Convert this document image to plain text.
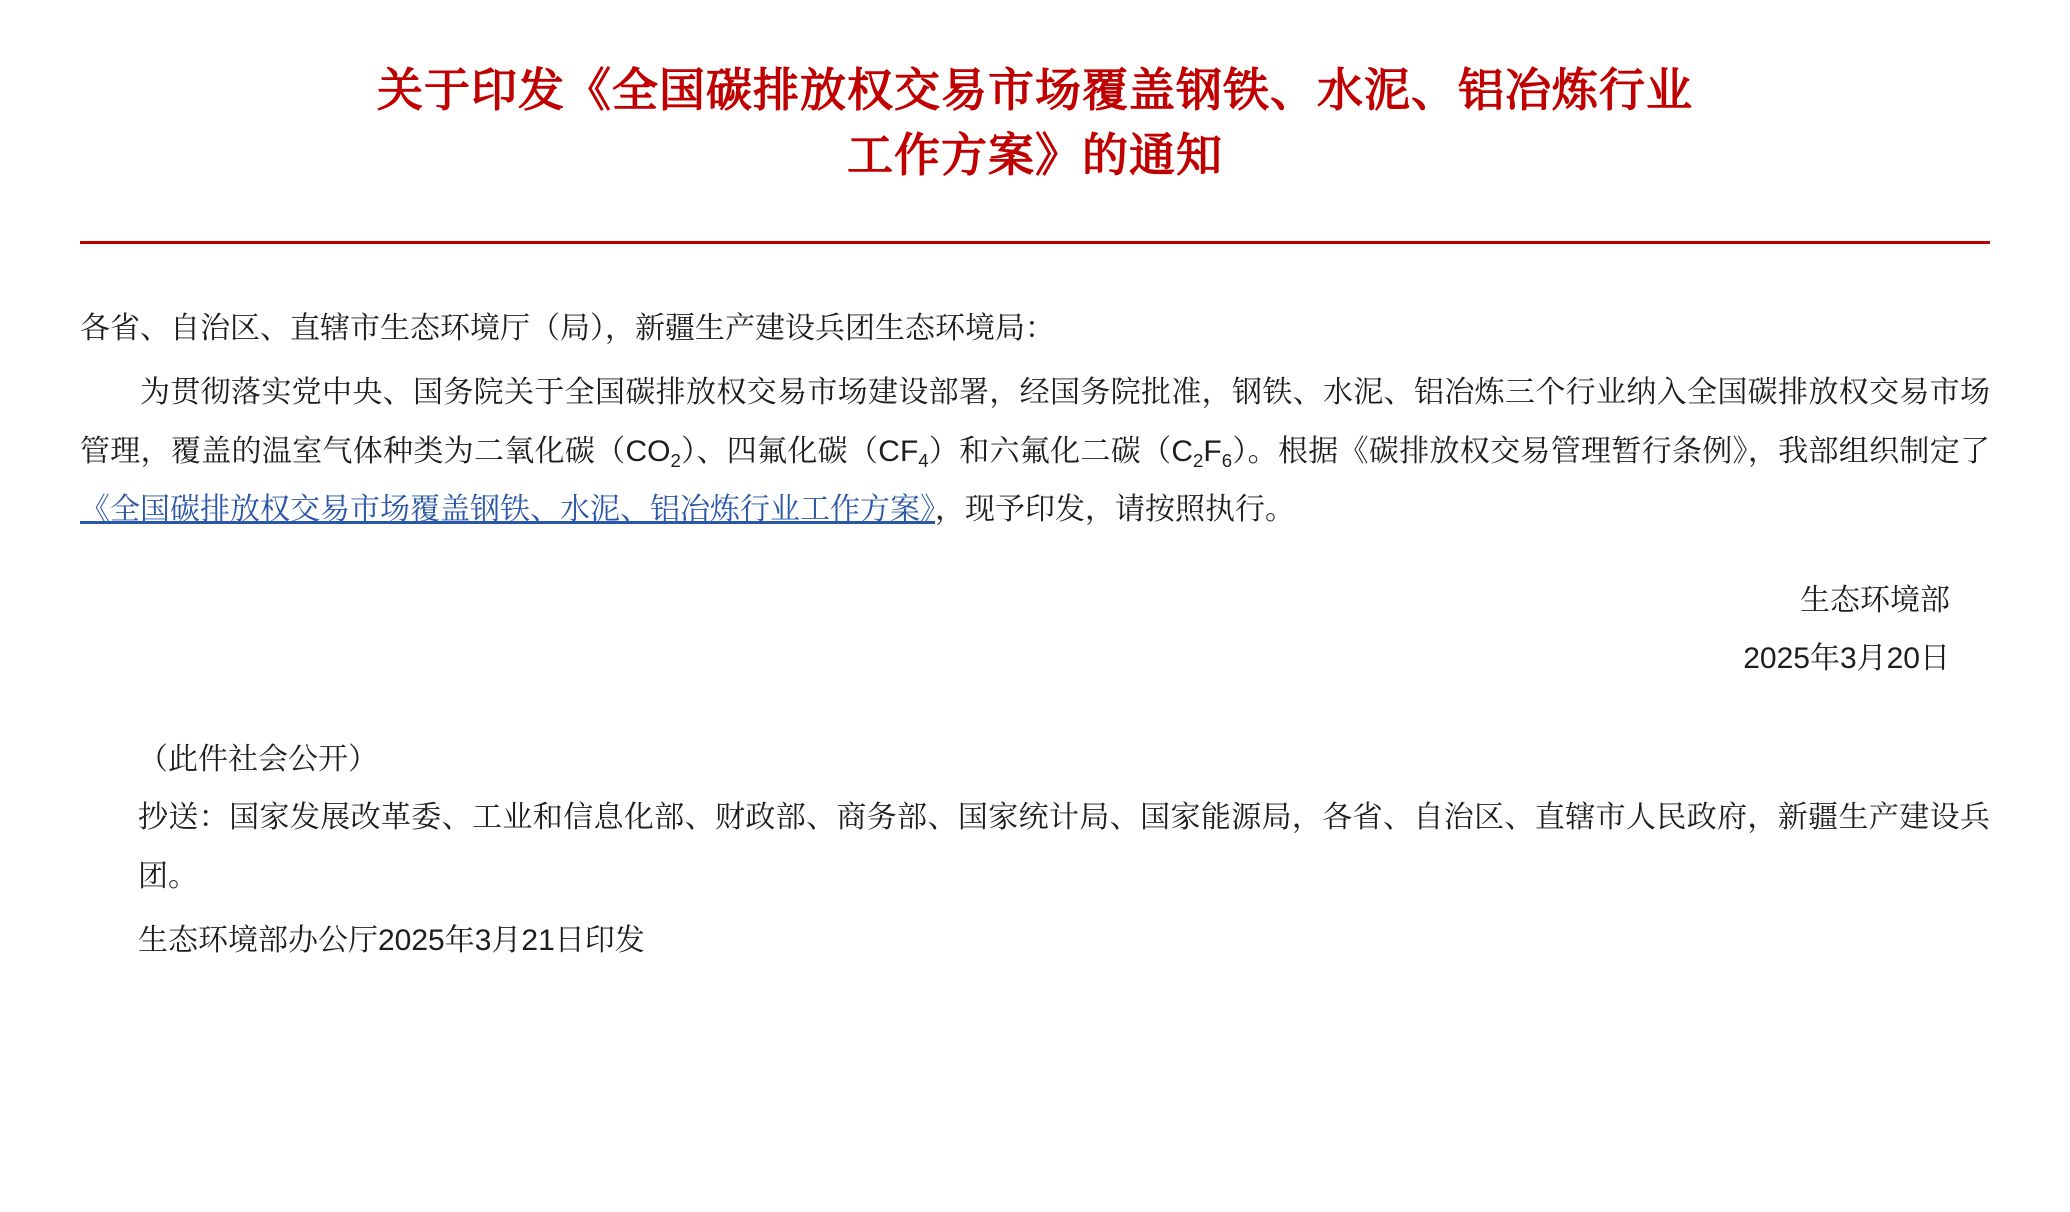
关于印发《全国碳排放权交易市场覆盖钢铁、水泥、铝冶炼行业
工作方案》的通知
各省、自治区、直辖市生态环境厅（局），新疆生产建设兵团生态环境局：
为贯彻落实党中央、国务院关于全国碳排放权交易市场建设部署，经国务院批准，钢铁、水泥、铝冶炼三个行业纳入全国碳排放权交易市场管理，覆盖的温室气体种类为二氧化碳$(CO_2)$、四氟化碳$(CF_4)$和六氟化二碳$(C_2F_6)$。根据《碳排放权交易管理暂行条例》，我部组织制定了《全国碳排放权交易市场覆盖钢铁、水泥、铝冶炼行业工作方案》，现予印发，请按照执行。
生态环境部
2025年3月20日
（此件社会公开）
抄送：国家发展改革委、工业和信息化部、财政部、商务部、国家统计局、国家能源局，各省、自治区、直辖市人民政府，新疆生产建设兵团。
生态环境部办公厅2025年3月21日印发
